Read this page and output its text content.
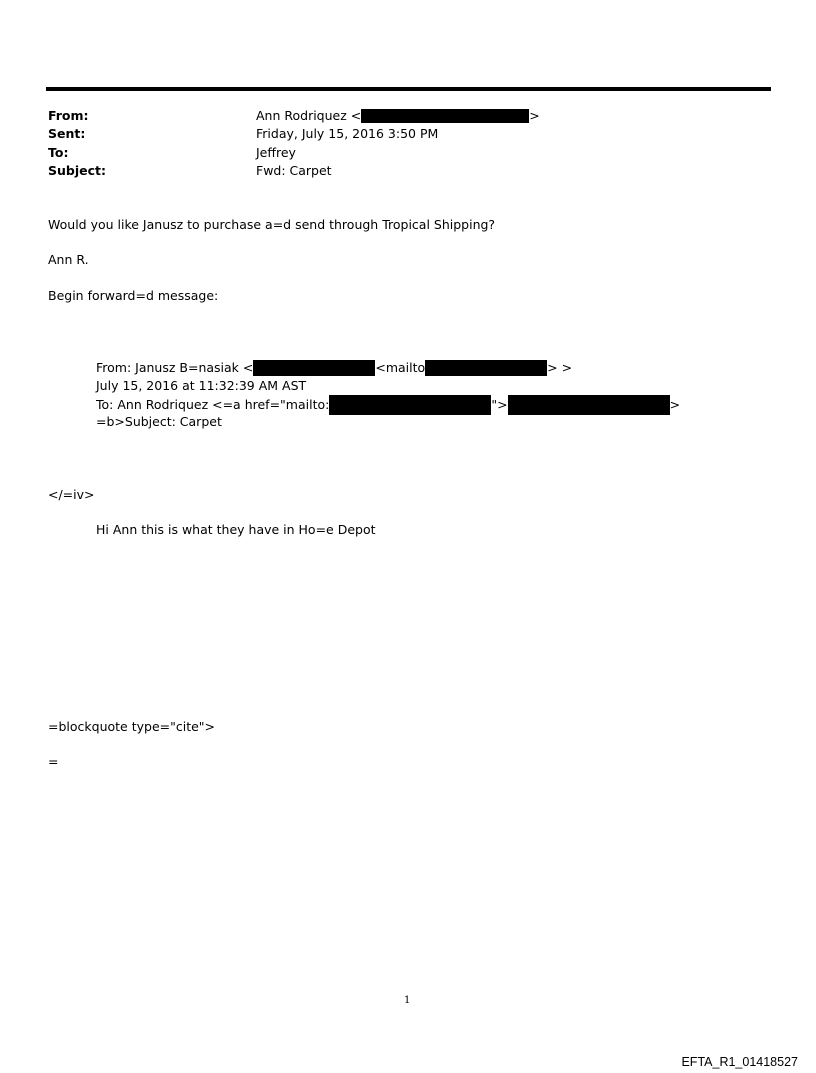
From:	Ann Rodriquez <	>
Sent:	Friday, July 15, 2016 3:50 PM
To:	Jeffrey
Subject:	Fwd: Carpet
Would you like Janusz to purchase a=d send through Tropical Shipping?
Ann R.
Begin forward=d message:
From: Janusz B=nasiak <	<mailto	> >
July 15, 2016 at 11:32:39 AM AST
To: Ann Rodriquez <=a href="mailto:	">	>
=b>Subject: Carpet
</=iv>
Hi Ann this is what they have in Ho=e Depot
=blockquote type="cite">
=
1
EFTA_R1_01418527
